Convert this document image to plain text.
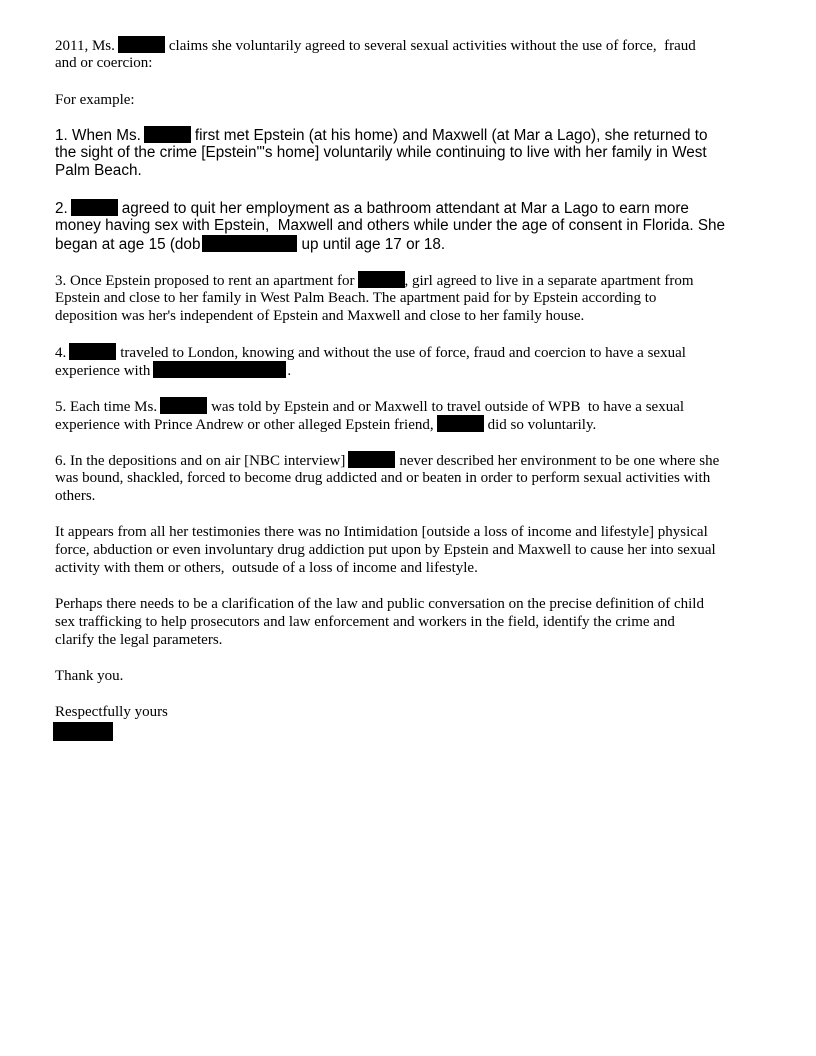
2011, Ms.	claims she voluntarily agreed to several sexual activities without the use of force,  fraud
and or coercion:
For example:
1. When Ms.	first met Epstein (at his home) and Maxwell (at Mar a Lago), she returned to
the sight of the crime [Epstein'"s home] voluntarily while continuing to live with her family in West
Palm Beach.
2.	agreed to quit her employment as a bathroom attendant at Mar a Lago to earn more
money having sex with Epstein,  Maxwell and others while under the age of consent in Florida. She
began at age 15 (dob	up until age 17 or 18.
3. Once Epstein proposed to rent an apartment for	, girl agreed to live in a separate apartment from
Epstein and close to her family in West Palm Beach. The apartment paid for by Epstein according to
deposition was her's independent of Epstein and Maxwell and close to her family house.
4.	traveled to London, knowing and without the use of force, fraud and coercion to have a sexual
experience with	.
5. Each time Ms.	was told by Epstein and or Maxwell to travel outside of WPB  to have a sexual
experience with Prince Andrew or other alleged Epstein friend,	did so voluntarily.
6. In the depositions and on air [NBC interview]	never described her environment to be one where she
was bound, shackled, forced to become drug addicted and or beaten in order to perform sexual activities with
others.
It appears from all her testimonies there was no Intimidation [outside a loss of income and lifestyle] physical
force, abduction or even involuntary drug addiction put upon by Epstein and Maxwell to cause her into sexual
activity with them or others,  outsude of a loss of income and lifestyle.
Perhaps there needs to be a clarification of the law and public conversation on the precise definition of child
sex trafficking to help prosecutors and law enforcement and workers in the field, identify the crime and
clarify the legal parameters.
Thank you.
Respectfully yours
